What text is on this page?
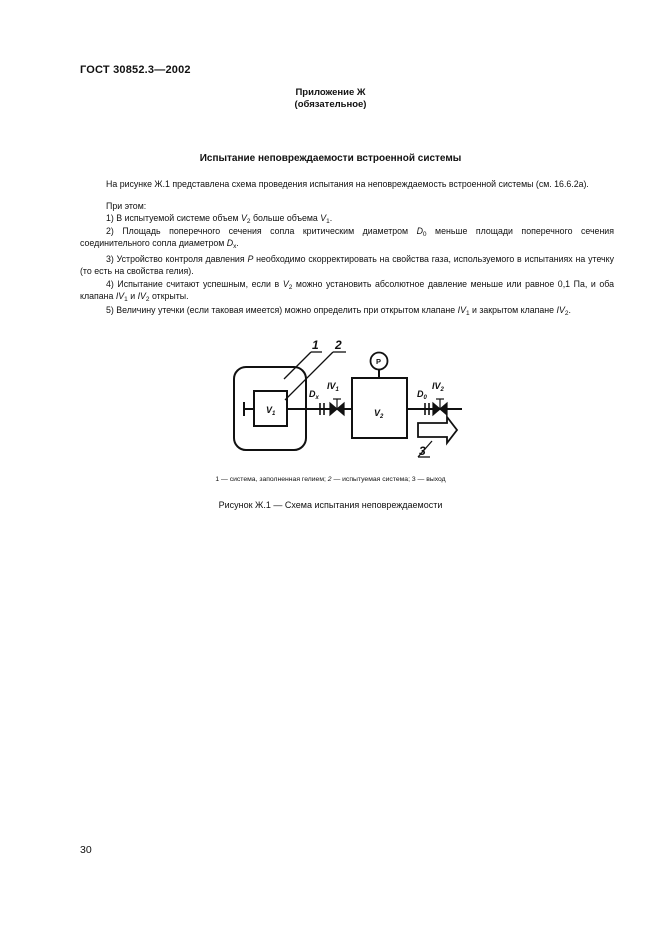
ГОСТ 30852.3—2002
Приложение Ж
(обязательное)
Испытание неповреждаемости встроенной системы
На рисунке Ж.1 представлена схема проведения испытания на неповреждаемость встроенной системы (см. 16.6.2а).
При этом:
1) В испытуемой системе объем $V_2$ больше объема $V_1$.
2) Площадь поперечного сечения сопла критическим диаметром $D_0$ меньше площади поперечного сечения соединительного сопла диаметром $D_x$.
3) Устройство контроля давления P необходимо скорректировать на свойства газа, используемого в испытаниях на утечку (то есть на свойства гелия).
4) Испытание считают успешным, если в $V_2$ можно установить абсолютное давление меньше или равное 0,1 Па, и оба клапана $IV_1$ и $IV_2$ открыты.
5) Величину утечки (если таковая имеется) можно определить при открытом клапане $IV_1$ и закрытом клапане $IV_2$.
1 2
3
P
$V_1$	$V_2$
$D_x$	$D_0$
$IV_1$	$IV_2$
1 — система, заполненная гелием; 2 — испытуемая система; 3 — выход
Рисунок Ж.1 — Схема испытания неповреждаемости
30
